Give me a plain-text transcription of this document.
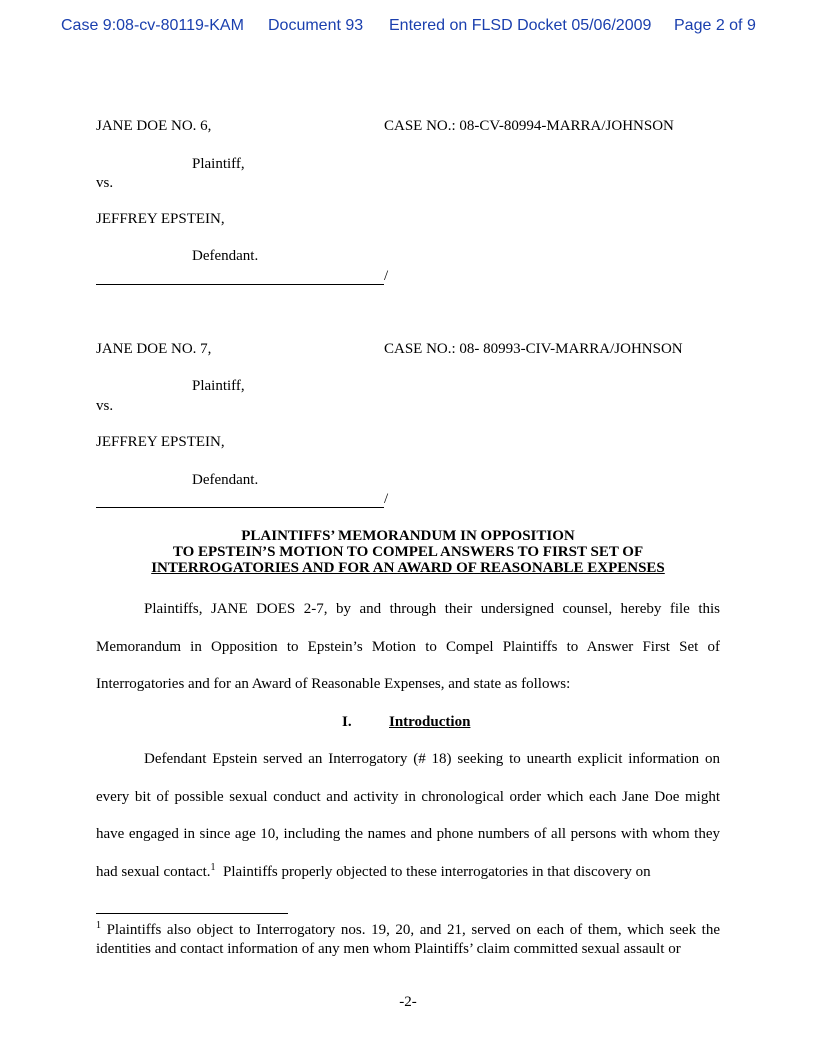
Case 9:08-cv-80119-KAM Document 93 Entered on FLSD Docket 05/06/2009 Page 2 of 9
JANE DOE NO. 6,	CASE NO.: 08-CV-80994-MARRA/JOHNSON
Plaintiff,
vs.
JEFFREY EPSTEIN,
Defendant.
/
JANE DOE NO. 7,	CASE NO.: 08- 80993-CIV-MARRA/JOHNSON
Plaintiff,
vs.
JEFFREY EPSTEIN,
Defendant.
/
PLAINTIFFS’ MEMORANDUM IN OPPOSITION
TO EPSTEIN’S MOTION TO COMPEL ANSWERS TO FIRST SET OF
INTERROGATORIES AND FOR AN AWARD OF REASONABLE EXPENSES

Plaintiffs, JANE DOES 2-7, by and through their undersigned counsel, hereby file this Memorandum in Opposition to Epstein’s Motion to Compel Plaintiffs to Answer First Set of Interrogatories and for an Award of Reasonable Expenses, and state as follows:

I. Introduction

Defendant Epstein served an Interrogatory (# 18) seeking to unearth explicit information on every bit of possible sexual conduct and activity in chronological order which each Jane Doe might have engaged in since age 10, including the names and phone numbers of all persons with whom they had sexual contact.$^1$ Plaintiffs properly objected to these interrogatories in that discovery on

$^1$ Plaintiffs also object to Interrogatory nos. 19, 20, and 21, served on each of them, which seek the identities and contact information of any men whom Plaintiffs’ claim committed sexual assault or
-2-
